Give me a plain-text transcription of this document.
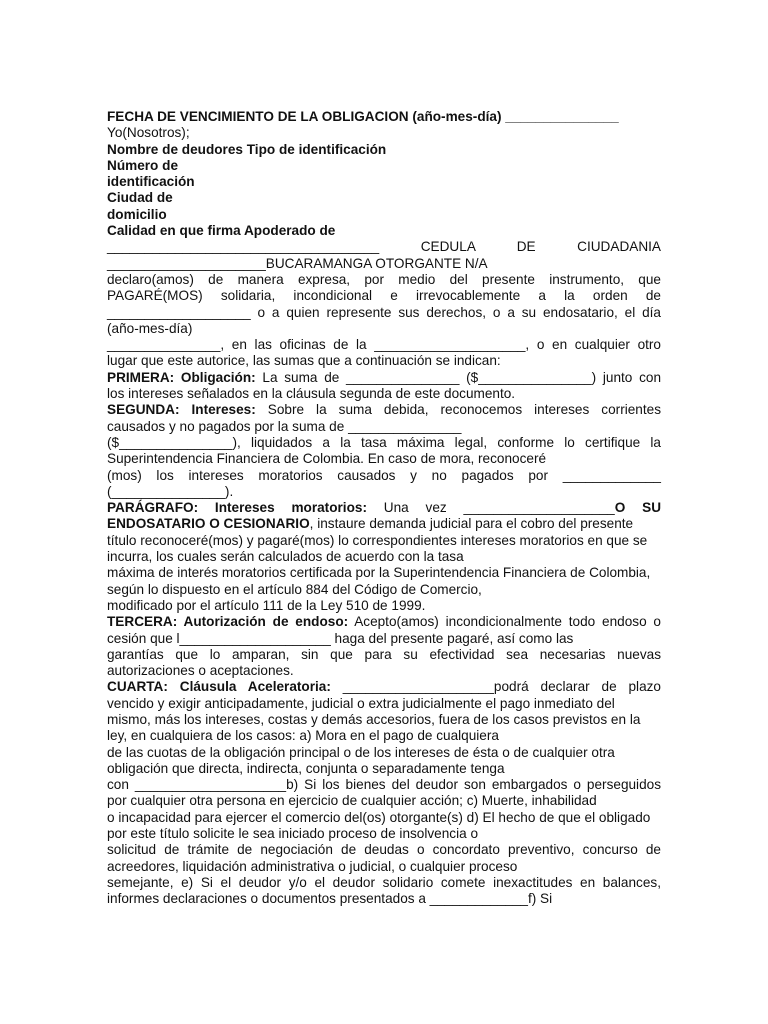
FECHA DE VENCIMIENTO DE LA OBLIGACION (año-mes-día) _______________
Yo(Nosotros);
Nombre de deudores Tipo de identificación
Número de
identificación
Ciudad de
domicilio
Calidad en que firma Apoderado de
____________________________________ CEDULA DE CIUDADANIA
_____________________BUCARAMANGA OTORGANTE N/A
declaro(amos) de manera expresa, por medio del presente instrumento, que
PAGARÉ(MOS) solidaria, incondicional e irrevocablemente a la orden de
___________________ o a quien represente sus derechos, o a su endosatario, el día
(año-mes-día)
_______________, en las oficinas de la ____________________, o en cualquier otro
lugar que este autorice, las sumas que a continuación se indican:
PRIMERA: Obligación: La suma de _______________ ($_______________) junto con
los intereses señalados en la cláusula segunda de este documento.
SEGUNDA: Intereses: Sobre la suma debida, reconocemos intereses corrientes
causados y no pagados por la suma de _______________
($_______________), liquidados a la tasa máxima legal, conforme lo certifique la
Superintendencia Financiera de Colombia. En caso de mora, reconoceré
(mos) los intereses moratorios causados y no pagados por _____________
(_______________).
PARÁGRAFO: Intereses moratorios: Una vez ____________________O SU
ENDOSATARIO O CESIONARIO, instaure demanda judicial para el cobro del presente
título reconoceré(mos) y pagaré(mos) lo correspondientes intereses moratorios en que se
incurra, los cuales serán calculados de acuerdo con la tasa
máxima de interés moratorios certificada por la Superintendencia Financiera de Colombia,
según lo dispuesto en el artículo 884 del Código de Comercio,
modificado por el artículo 111 de la Ley 510 de 1999.
TERCERA: Autorización de endoso: Acepto(amos) incondicionalmente todo endoso o
cesión que l____________________ haga del presente pagaré, así como las
garantías que lo amparan, sin que para su efectividad sea necesarias nuevas
autorizaciones o aceptaciones.
CUARTA: Cláusula Aceleratoria: ____________________podrá declarar de plazo
vencido y exigir anticipadamente, judicial o extra judicialmente el pago inmediato del
mismo, más los intereses, costas y demás accesorios, fuera de los casos previstos en la
ley, en cualquiera de los casos: a) Mora en el pago de cualquiera
de las cuotas de la obligación principal o de los intereses de ésta o de cualquier otra
obligación que directa, indirecta, conjunta o separadamente tenga
con ____________________b) Si los bienes del deudor son embargados o perseguidos
por cualquier otra persona en ejercicio de cualquier acción; c) Muerte, inhabilidad
o incapacidad para ejercer el comercio del(os) otorgante(s) d) El hecho de que el obligado
por este título solicite le sea iniciado proceso de insolvencia o
solicitud de trámite de negociación de deudas o concordato preventivo, concurso de
acreedores, liquidación administrativa o judicial, o cualquier proceso
semejante, e) Si el deudor y/o el deudor solidario comete inexactitudes en balances,
informes declaraciones o documentos presentados a _____________f) Si
